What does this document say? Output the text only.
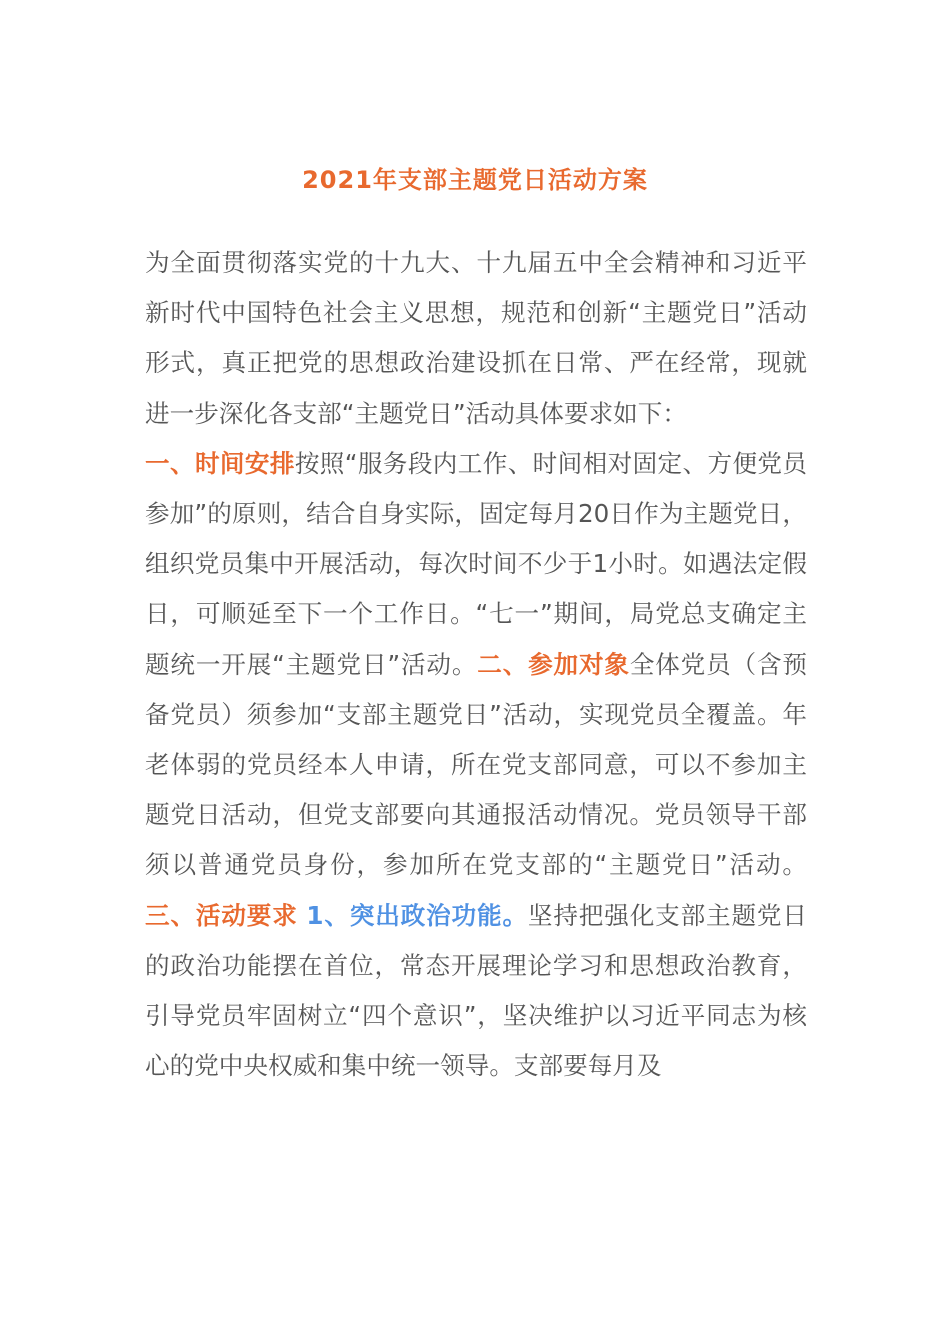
2021年支部主题党日活动方案

为全面贯彻落实党的十九大、十九届五中全会精神和习近平新时代中国特色社会主义思想，规范和创新“主题党日”活动形式，真正把党的思想政治建设抓在日常、严在经常，现就进一步深化各支部“主题党日”活动具体要求如下：

一、时间安排按照“服务段内工作、时间相对固定、方便党员参加”的原则，结合自身实际，固定每月20日作为主题党日，组织党员集中开展活动，每次时间不少于1小时。如遇法定假日，可顺延至下一个工作日。“七一”期间，局党总支确定主题统一开展“主题党日”活动。二、参加对象全体党员（含预备党员）须参加“支部主题党日”活动，实现党员全覆盖。年老体弱的党员经本人申请，所在党支部同意，可以不参加主题党日活动，但党支部要向其通报活动情况。党员领导干部须以普通党员身份，参加所在党支部的“主题党日”活动。三、活动要求 1、突出政治功能。坚持把强化支部主题党日的政治功能摆在首位，常态开展理论学习和思想政治教育，引导党员牢固树立“四个意识”，坚决维护以习近平同志为核心的党中央权威和集中统一领导。支部要每月及
